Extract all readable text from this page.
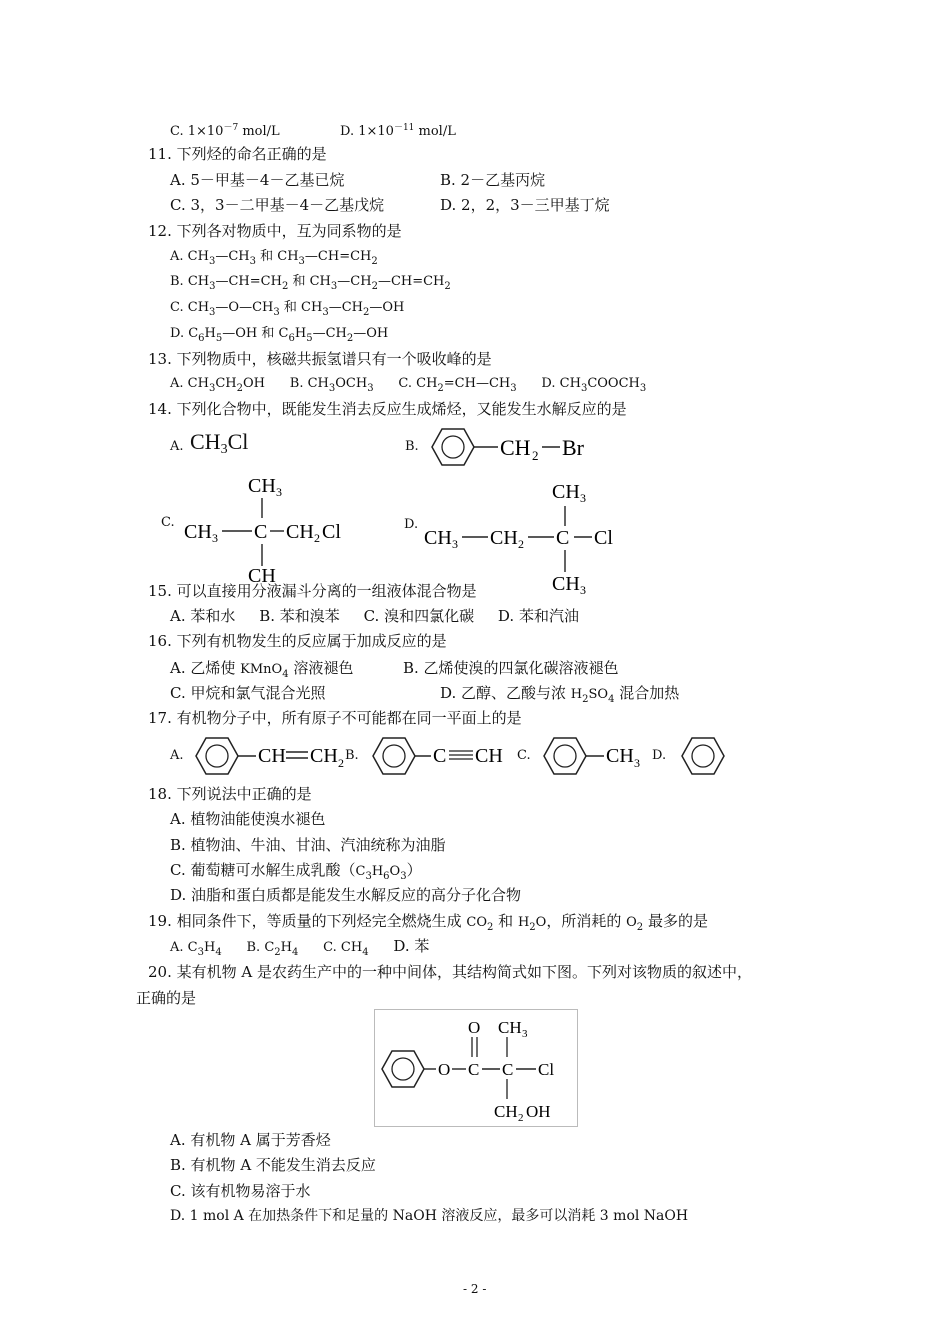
C. $1\times 10^{-7}$ mol/L	D. $1\times 10^{-11}$ mol/L
11. 下列烃的命名正确的是
A. 5－甲基－4－乙基已烷	B. 2－乙基丙烷
C. 3，3－二甲基－4－乙基戊烷	D. 2，2，3－三甲基丁烷
12. 下列各对物质中，互为同系物的是
A. $CH_3—CH_3$ 和 $CH_3—CH=CH_2$
B. $CH_3—CH=CH_2$ 和 $CH_3—CH_2—CH=CH_2$
C. $CH_3—O—CH_3$ 和 $CH_3—CH_2—OH$
D. $C_6H_5—OH$ 和 $C_6H_5—CH_2—OH$
13. 下列物质中，核磁共振氢谱只有一个吸收峰的是
A. $CH_3CH_2OH$      B. $CH_3OCH_3$      C. $CH_2=CH—CH_3$      D. $CH_3COOCH_3$
14. 下列化合物中，既能发生消去反应生成烯烃，又能发生水解反应的是
A. CH3Cl	B.	CH 2 Br
C.
CH 3
CH 3 C CH 2 Cl
CH
D.
CH 3
CH 3 CH 2 C Cl
CH 3
15. 可以直接用分液漏斗分离的一组液体混合物是
A. 苯和水     B. 苯和溴苯     C. 溴和四氯化碳     D. 苯和汽油
16. 下列有机物发生的反应属于加成反应的是
A. 乙烯使 KMnO$_4$ 溶液褪色	B. 乙烯使溴的四氯化碳溶液褪色
C. 甲烷和氯气混合光照	D. 乙醇、乙酸与浓 $H_2SO_4$ 混合加热
17. 有机物分子中，所有原子不可能都在同一平面上的是
A.	CH CH 2 B.	C CH C.	CH 3 D.
18. 下列说法中正确的是
A. 植物油能使溴水褪色
B. 植物油、牛油、甘油、汽油统称为油脂
C. 葡萄糖可水解生成乳酸$(C_3H_6O_3)$
D. 油脂和蛋白质都是能发生水解反应的高分子化合物
19. 相同条件下，等质量的下列烃完全燃烧生成 $CO_2$ 和 $H_2O$，所消耗的 $O_2$ 最多的是
A. $C_3H_4$      B. $C_2H_4$      C. $CH_4$ D. 苯
20. 某有机物 A 是农药生产中的一种中间体，其结构简式如下图。下列对该物质的叙述中，
正确的是
O C
O
C
CH 3
Cl
CH 2 OH
A. 有机物 A 属于芳香烃
B. 有机物 A 不能发生消去反应
C. 该有机物易溶于水
D. 1 mol A 在加热条件下和足量的 NaOH 溶液反应，最多可以消耗 3 mol NaOH
- 2 -
